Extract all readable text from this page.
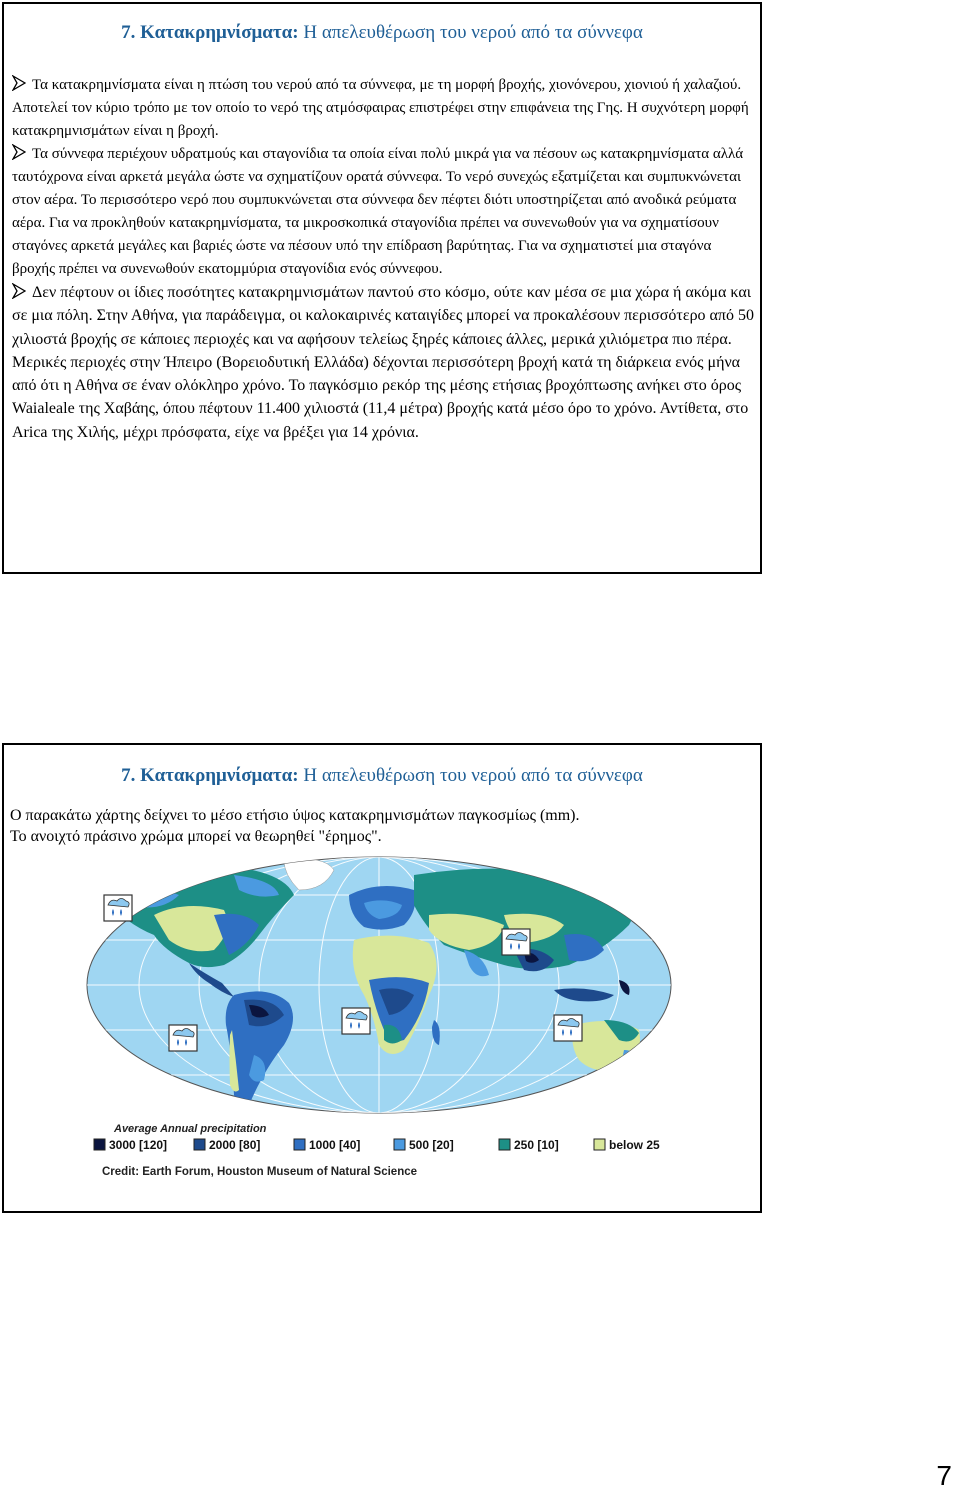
7. Κατακρημνίσματα: Η απελευθέρωση του νερού από τα σύννεφα
Τα κατακρημνίσματα είναι η πτώση του νερού από τα σύννεφα, με τη μορφή βροχής, χιονόνερου, χιονιού ή χαλαζιού. Αποτελεί τον κύριο τρόπο με τον οποίο το νερό της ατμόσφαιρας επιστρέφει στην επιφάνεια της Γης. Η συχνότερη μορφή κατακρημνισμάτων είναι η βροχή.
Τα σύννεφα περιέχουν υδρατμούς και σταγονίδια τα οποία είναι πολύ μικρά για να πέσουν ως κατακρημνίσματα αλλά ταυτόχρονα είναι αρκετά μεγάλα ώστε να σχηματίζουν ορατά σύννεφα. Το νερό συνεχώς εξατμίζεται και συμπυκνώνεται στον αέρα. Το περισσότερο νερό που συμπυκνώνεται στα σύννεφα δεν πέφτει διότι υποστηρίζεται από ανοδικά ρεύματα αέρα. Για να προκληθούν κατακρημνίσματα, τα μικροσκοπικά σταγονίδια πρέπει να συνενωθούν για να σχηματίσουν σταγόνες αρκετά μεγάλες και βαριές ώστε να πέσουν υπό την επίδραση βαρύτητας. Για να σχηματιστεί μια σταγόνα βροχής πρέπει να συνενωθούν εκατομμύρια σταγονίδια ενός σύννεφου.
Δεν πέφτουν οι ίδιες ποσότητες κατακρημνισμάτων παντού στο κόσμο, ούτε καν μέσα σε μια χώρα ή ακόμα και σε μια πόλη. Στην Αθήνα, για παράδειγμα, οι καλοκαιρινές καταιγίδες μπορεί να προκαλέσουν περισσότερο από 50 χιλιοστά βροχής σε κάποιες περιοχές και να αφήσουν τελείως ξηρές κάποιες άλλες, μερικά χιλιόμετρα πιο πέρα. Μερικές περιοχές στην Ήπειρο (Βορειοδυτική Ελλάδα) δέχονται περισσότερη βροχή κατά τη διάρκεια ενός μήνα από ότι η Αθήνα σε έναν ολόκληρο χρόνο. Το παγκόσμιο ρεκόρ της μέσης ετήσιας βροχόπτωσης ανήκει στο όρος Waialeale της Χαβάης, όπου πέφτουν 11.400 χιλιοστά (11,4 μέτρα) βροχής κατά μέσο όρο το χρόνο. Αντίθετα, στο Arica της Χιλής, μέχρι πρόσφατα, είχε να βρέξει για 14 χρόνια.
7. Κατακρημνίσματα: Η απελευθέρωση του νερού από τα σύννεφα
Ο παρακάτω χάρτης δείχνει το μέσο ετήσιο ύψος κατακρημνισμάτων παγκοσμίως (mm).
Το ανοιχτό πράσινο χρώμα μπορεί να θεωρηθεί "έρημος".
Average Annual precipitation
3000 [120]	2000 [80]	1000 [40]	500 [20]	250 [10]	below 25
Credit: Earth Forum, Houston Museum of Natural Science
7
